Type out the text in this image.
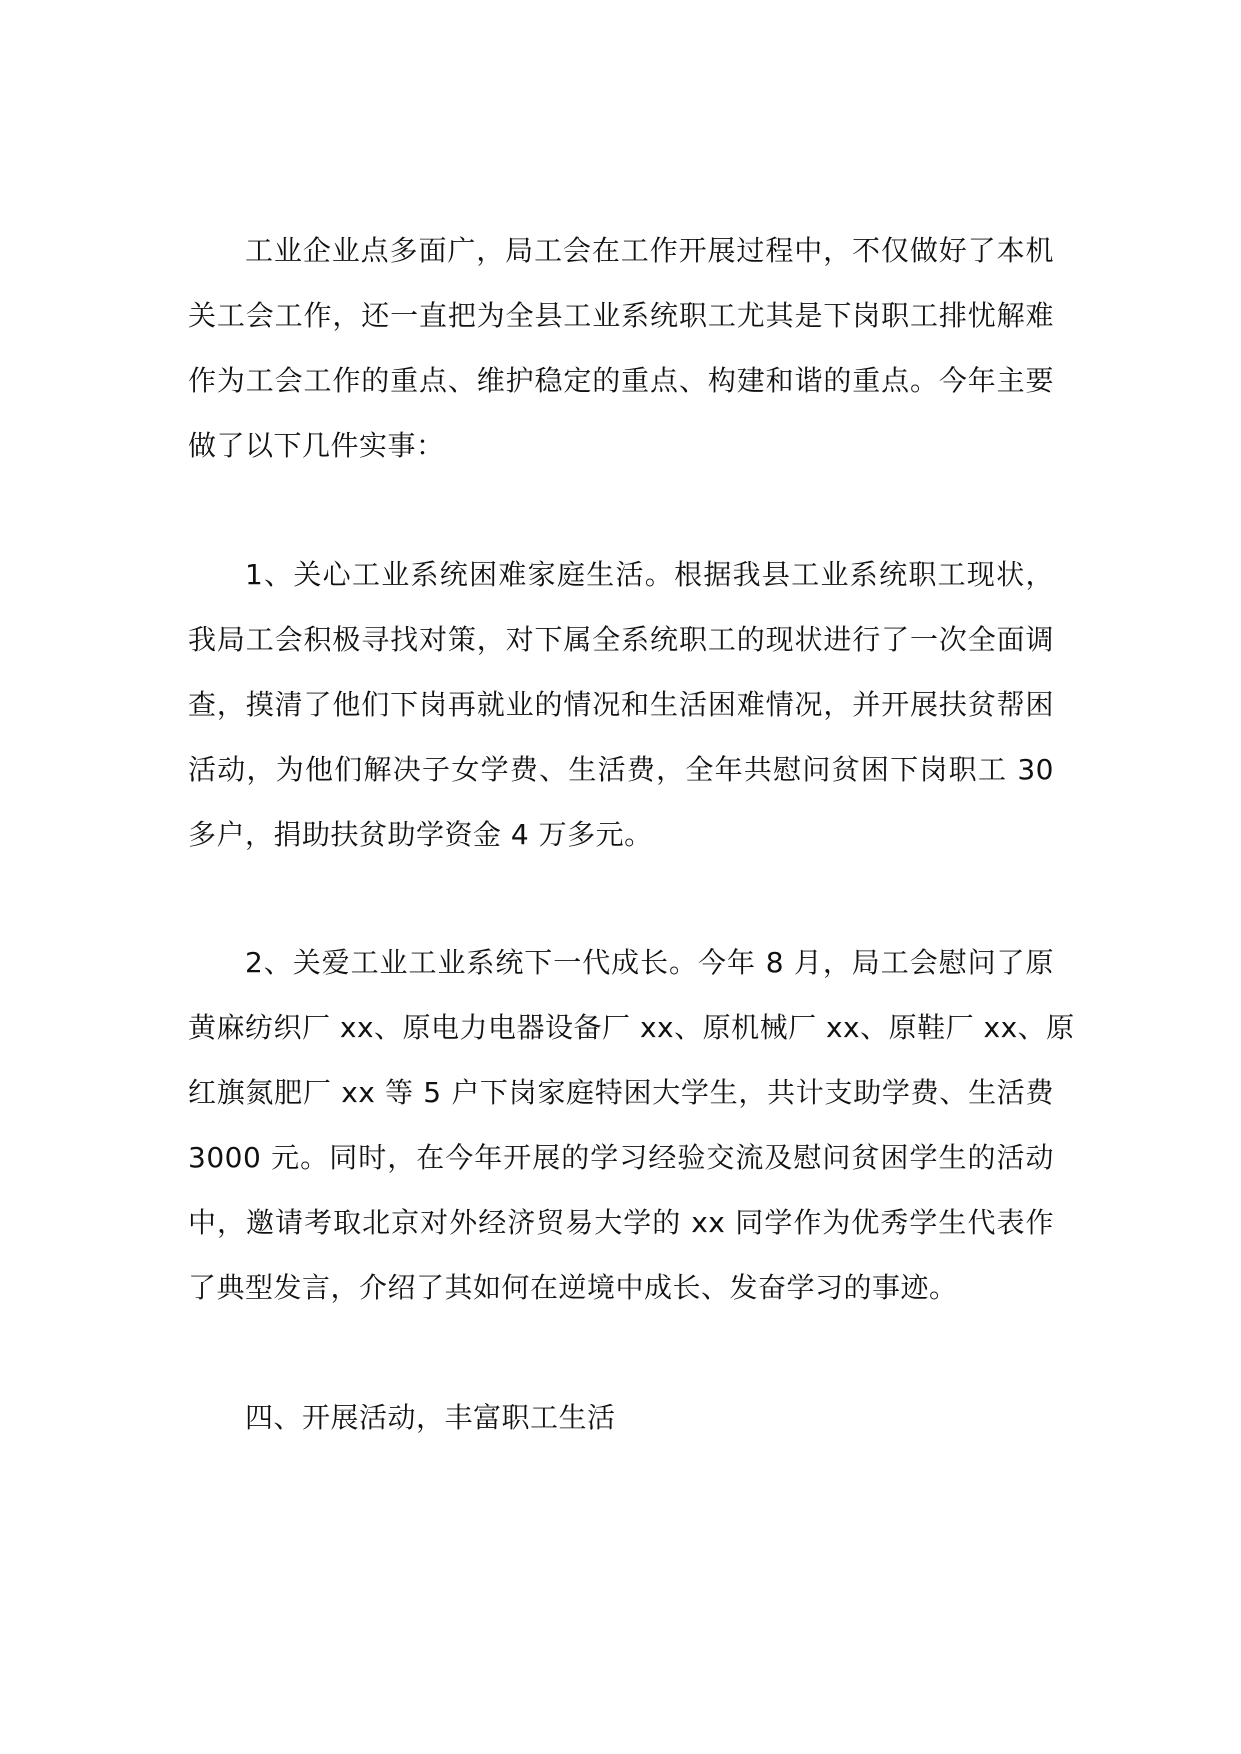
工业企业点多面广，局工会在工作开展过程中，不仅做好了本机
关工会工作，还一直把为全县工业系统职工尤其是下岗职工排忧解难
作为工会工作的重点、维护稳定的重点、构建和谐的重点。今年主要
做了以下几件实事：
1、关心工业系统困难家庭生活。根据我县工业系统职工现状，
我局工会积极寻找对策，对下属全系统职工的现状进行了一次全面调
查，摸清了他们下岗再就业的情况和生活困难情况，并开展扶贫帮困
活动，为他们解决子女学费、生活费，全年共慰问贫困下岗职工 30
多户，捐助扶贫助学资金 4 万多元。
2、关爱工业工业系统下一代成长。今年 8 月，局工会慰问了原
黄麻纺织厂 xx、原电力电器设备厂 xx、原机械厂 xx、原鞋厂 xx、原
红旗氮肥厂 xx 等 5 户下岗家庭特困大学生，共计支助学费、生活费
3000 元。同时，在今年开展的学习经验交流及慰问贫困学生的活动
中，邀请考取北京对外经济贸易大学的 xx 同学作为优秀学生代表作
了典型发言，介绍了其如何在逆境中成长、发奋学习的事迹。
四、开展活动，丰富职工生活
